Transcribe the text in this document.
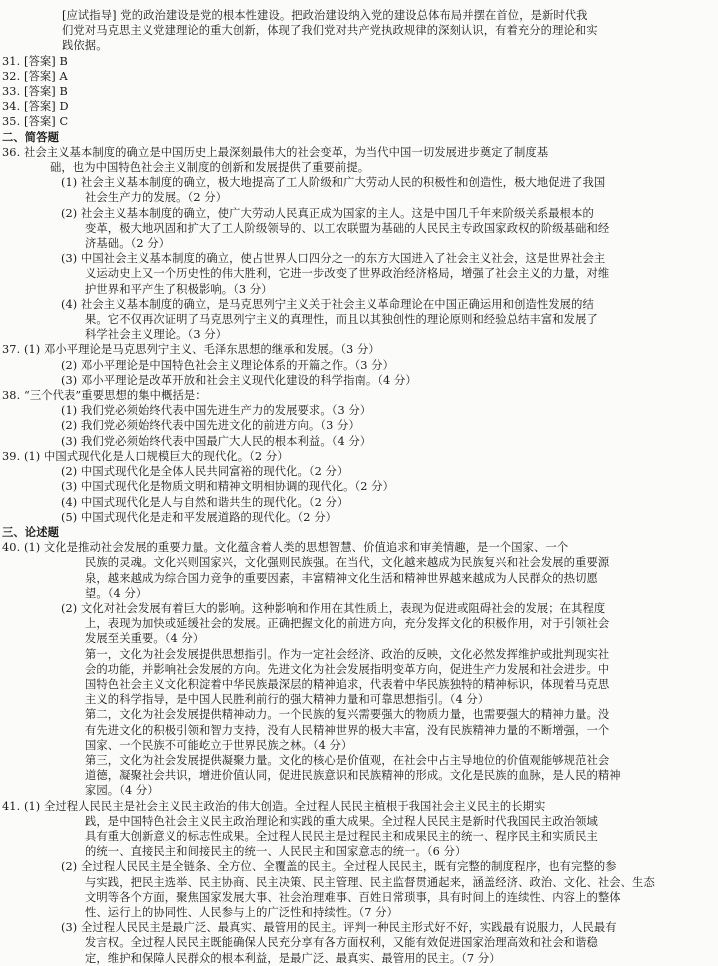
[应试指导] 党的政治建设是党的根本性建设。把政治建设纳入党的建设总体布局并摆在首位，是新时代我
们党对马克思主义党建理论的重大创新，体现了我们党对共产党执政规律的深刻认识，有着充分的理论和实
践依据。
31. [答案] B
32. [答案] A
33. [答案] B
34. [答案] D
35. [答案] C
二、简答题
36. 社会主义基本制度的确立是中国历史上最深刻最伟大的社会变革，为当代中国一切发展进步奠定了制度基
础，也为中国特色社会主义制度的创新和发展提供了重要前提。
(1) 社会主义基本制度的确立，极大地提高了工人阶级和广大劳动人民的积极性和创造性，极大地促进了我国
社会生产力的发展。（2 分）
(2) 社会主义基本制度的确立，使广大劳动人民真正成为国家的主人。这是中国几千年来阶级关系最根本的
变革，极大地巩固和扩大了工人阶级领导的、以工农联盟为基础的人民民主专政国家政权的阶级基础和经
济基础。（2 分）
(3) 中国社会主义基本制度的确立，使占世界人口四分之一的东方大国进入了社会主义社会，这是世界社会主
义运动史上又一个历史性的伟大胜利，它进一步改变了世界政治经济格局，增强了社会主义的力量，对维
护世界和平产生了积极影响。（3 分）
(4) 社会主义基本制度的确立，是马克思列宁主义关于社会主义革命理论在中国正确运用和创造性发展的结
果。它不仅再次证明了马克思列宁主义的真理性，而且以其独创性的理论原则和经验总结丰富和发展了
科学社会主义理论。（3 分）
37. (1) 邓小平理论是马克思列宁主义、毛泽东思想的继承和发展。（3 分）
(2) 邓小平理论是中国特色社会主义理论体系的开篇之作。（3 分）
(3) 邓小平理论是改革开放和社会主义现代化建设的科学指南。（4 分）
38. “三个代表”重要思想的集中概括是：
(1) 我们党必须始终代表中国先进生产力的发展要求。（3 分）
(2) 我们党必须始终代表中国先进文化的前进方向。（3 分）
(3) 我们党必须始终代表中国最广大人民的根本利益。（4 分）
39. (1) 中国式现代化是人口规模巨大的现代化。（2 分）
(2) 中国式现代化是全体人民共同富裕的现代化。（2 分）
(3) 中国式现代化是物质文明和精神文明相协调的现代化。（2 分）
(4) 中国式现代化是人与自然和谐共生的现代化。（2 分）
(5) 中国式现代化是走和平发展道路的现代化。（2 分）
三、论述题
40. (1) 文化是推动社会发展的重要力量。文化蕴含着人类的思想智慧、价值追求和审美情趣，是一个国家、一个
民族的灵魂。文化兴则国家兴，文化强则民族强。在当代，文化越来越成为民族复兴和社会发展的重要源
泉，越来越成为综合国力竞争的重要因素，丰富精神文化生活和精神世界越来越成为人民群众的热切愿
望。（4 分）
(2) 文化对社会发展有着巨大的影响。这种影响和作用在其性质上，表现为促进或阻碍社会的发展；在其程度
上，表现为加快或延缓社会的发展。正确把握文化的前进方向，充分发挥文化的积极作用，对于引领社会
发展至关重要。（4 分）
第一，文化为社会发展提供思想指引。作为一定社会经济、政治的反映，文化必然发挥维护或批判现实社
会的功能，并影响社会发展的方向。先进文化为社会发展指明变革方向，促进生产力发展和社会进步。中
国特色社会主义文化积淀着中华民族最深层的精神追求，代表着中华民族独特的精神标识，体现着马克思
主义的科学指导，是中国人民胜利前行的强大精神力量和可靠思想指引。（4 分）
第二，文化为社会发展提供精神动力。一个民族的复兴需要强大的物质力量，也需要强大的精神力量。没
有先进文化的积极引领和智力支持，没有人民精神世界的极大丰富，没有民族精神力量的不断增强，一个
国家、一个民族不可能屹立于世界民族之林。（4 分）
第三，文化为社会发展提供凝聚力量。文化的核心是价值观，在社会中占主导地位的价值观能够规范社会
道德，凝聚社会共识，增进价值认同，促进民族意识和民族精神的形成。文化是民族的血脉，是人民的精神
家园。（4 分）
41. (1) 全过程人民民主是社会主义民主政治的伟大创造。全过程人民民主植根于我国社会主义民主的长期实
践，是中国特色社会主义民主政治理论和实践的重大成果。全过程人民民主是新时代我国民主政治领域
具有重大创新意义的标志性成果。全过程人民民主是过程民主和成果民主的统一、程序民主和实质民主
的统一、直接民主和间接民主的统一、人民民主和国家意志的统一。（6 分）
(2) 全过程人民民主是全链条、全方位、全覆盖的民主。全过程人民民主，既有完整的制度程序，也有完整的参
与实践，把民主选举、民主协商、民主决策、民主管理、民主监督贯通起来，涵盖经济、政治、文化、社会、生态
文明等各个方面，聚焦国家发展大事、社会治理难事、百姓日常琐事，具有时间上的连续性、内容上的整体
性、运行上的协同性、人民参与上的广泛性和持续性。（7 分）
(3) 全过程人民民主是最广泛、最真实、最管用的民主。评判一种民主形式好不好，实践最有说服力，人民最有
发言权。全过程人民民主既能确保人民充分享有各方面权利，又能有效促进国家治理高效和社会和谐稳
定，维护和保障人民群众的根本利益，是最广泛、最真实、最管用的民主。（7 分）
